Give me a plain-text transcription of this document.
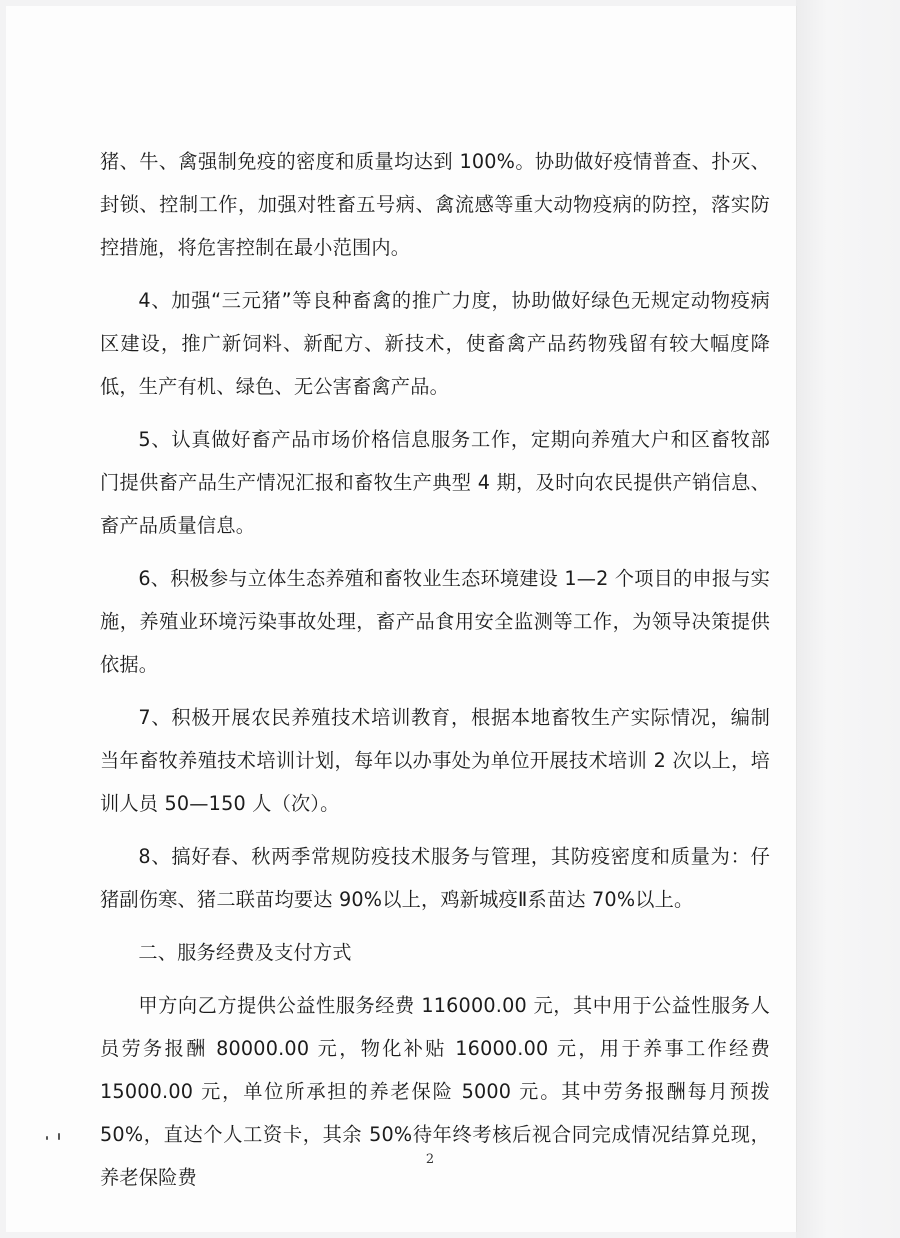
猪、牛、禽强制免疫的密度和质量均达到 100%。协助做好疫情普查、扑灭、封锁、控制工作，加强对牲畜五号病、禽流感等重大动物疫病的防控，落实防控措施，将危害控制在最小范围内。

4、加强“三元猪”等良种畜禽的推广力度，协助做好绿色无规定动物疫病区建设，推广新饲料、新配方、新技术，使畜禽产品药物残留有较大幅度降低，生产有机、绿色、无公害畜禽产品。

5、认真做好畜产品市场价格信息服务工作，定期向养殖大户和区畜牧部门提供畜产品生产情况汇报和畜牧生产典型 4 期，及时向农民提供产销信息、畜产品质量信息。

6、积极参与立体生态养殖和畜牧业生态环境建设 1—2 个项目的申报与实施，养殖业环境污染事故处理，畜产品食用安全监测等工作，为领导决策提供依据。

7、积极开展农民养殖技术培训教育，根据本地畜牧生产实际情况，编制当年畜牧养殖技术培训计划，每年以办事处为单位开展技术培训 2 次以上，培训人员 50—150 人（次）。

8、搞好春、秋两季常规防疫技术服务与管理，其防疫密度和质量为：仔猪副伤寒、猪二联苗均要达 90%以上，鸡新城疫Ⅱ系苗达 70%以上。

二、服务经费及支付方式

甲方向乙方提供公益性服务经费 116000.00 元，其中用于公益性服务人员劳务报酬 80000.00 元，物化补贴 16000.00 元，用于养事工作经费 15000.00 元，单位所承担的养老保险 5000 元。其中劳务报酬每月预拨 50%，直达个人工资卡，其余 50%待年终考核后视合同完成情况结算兑现，养老保险费

2
